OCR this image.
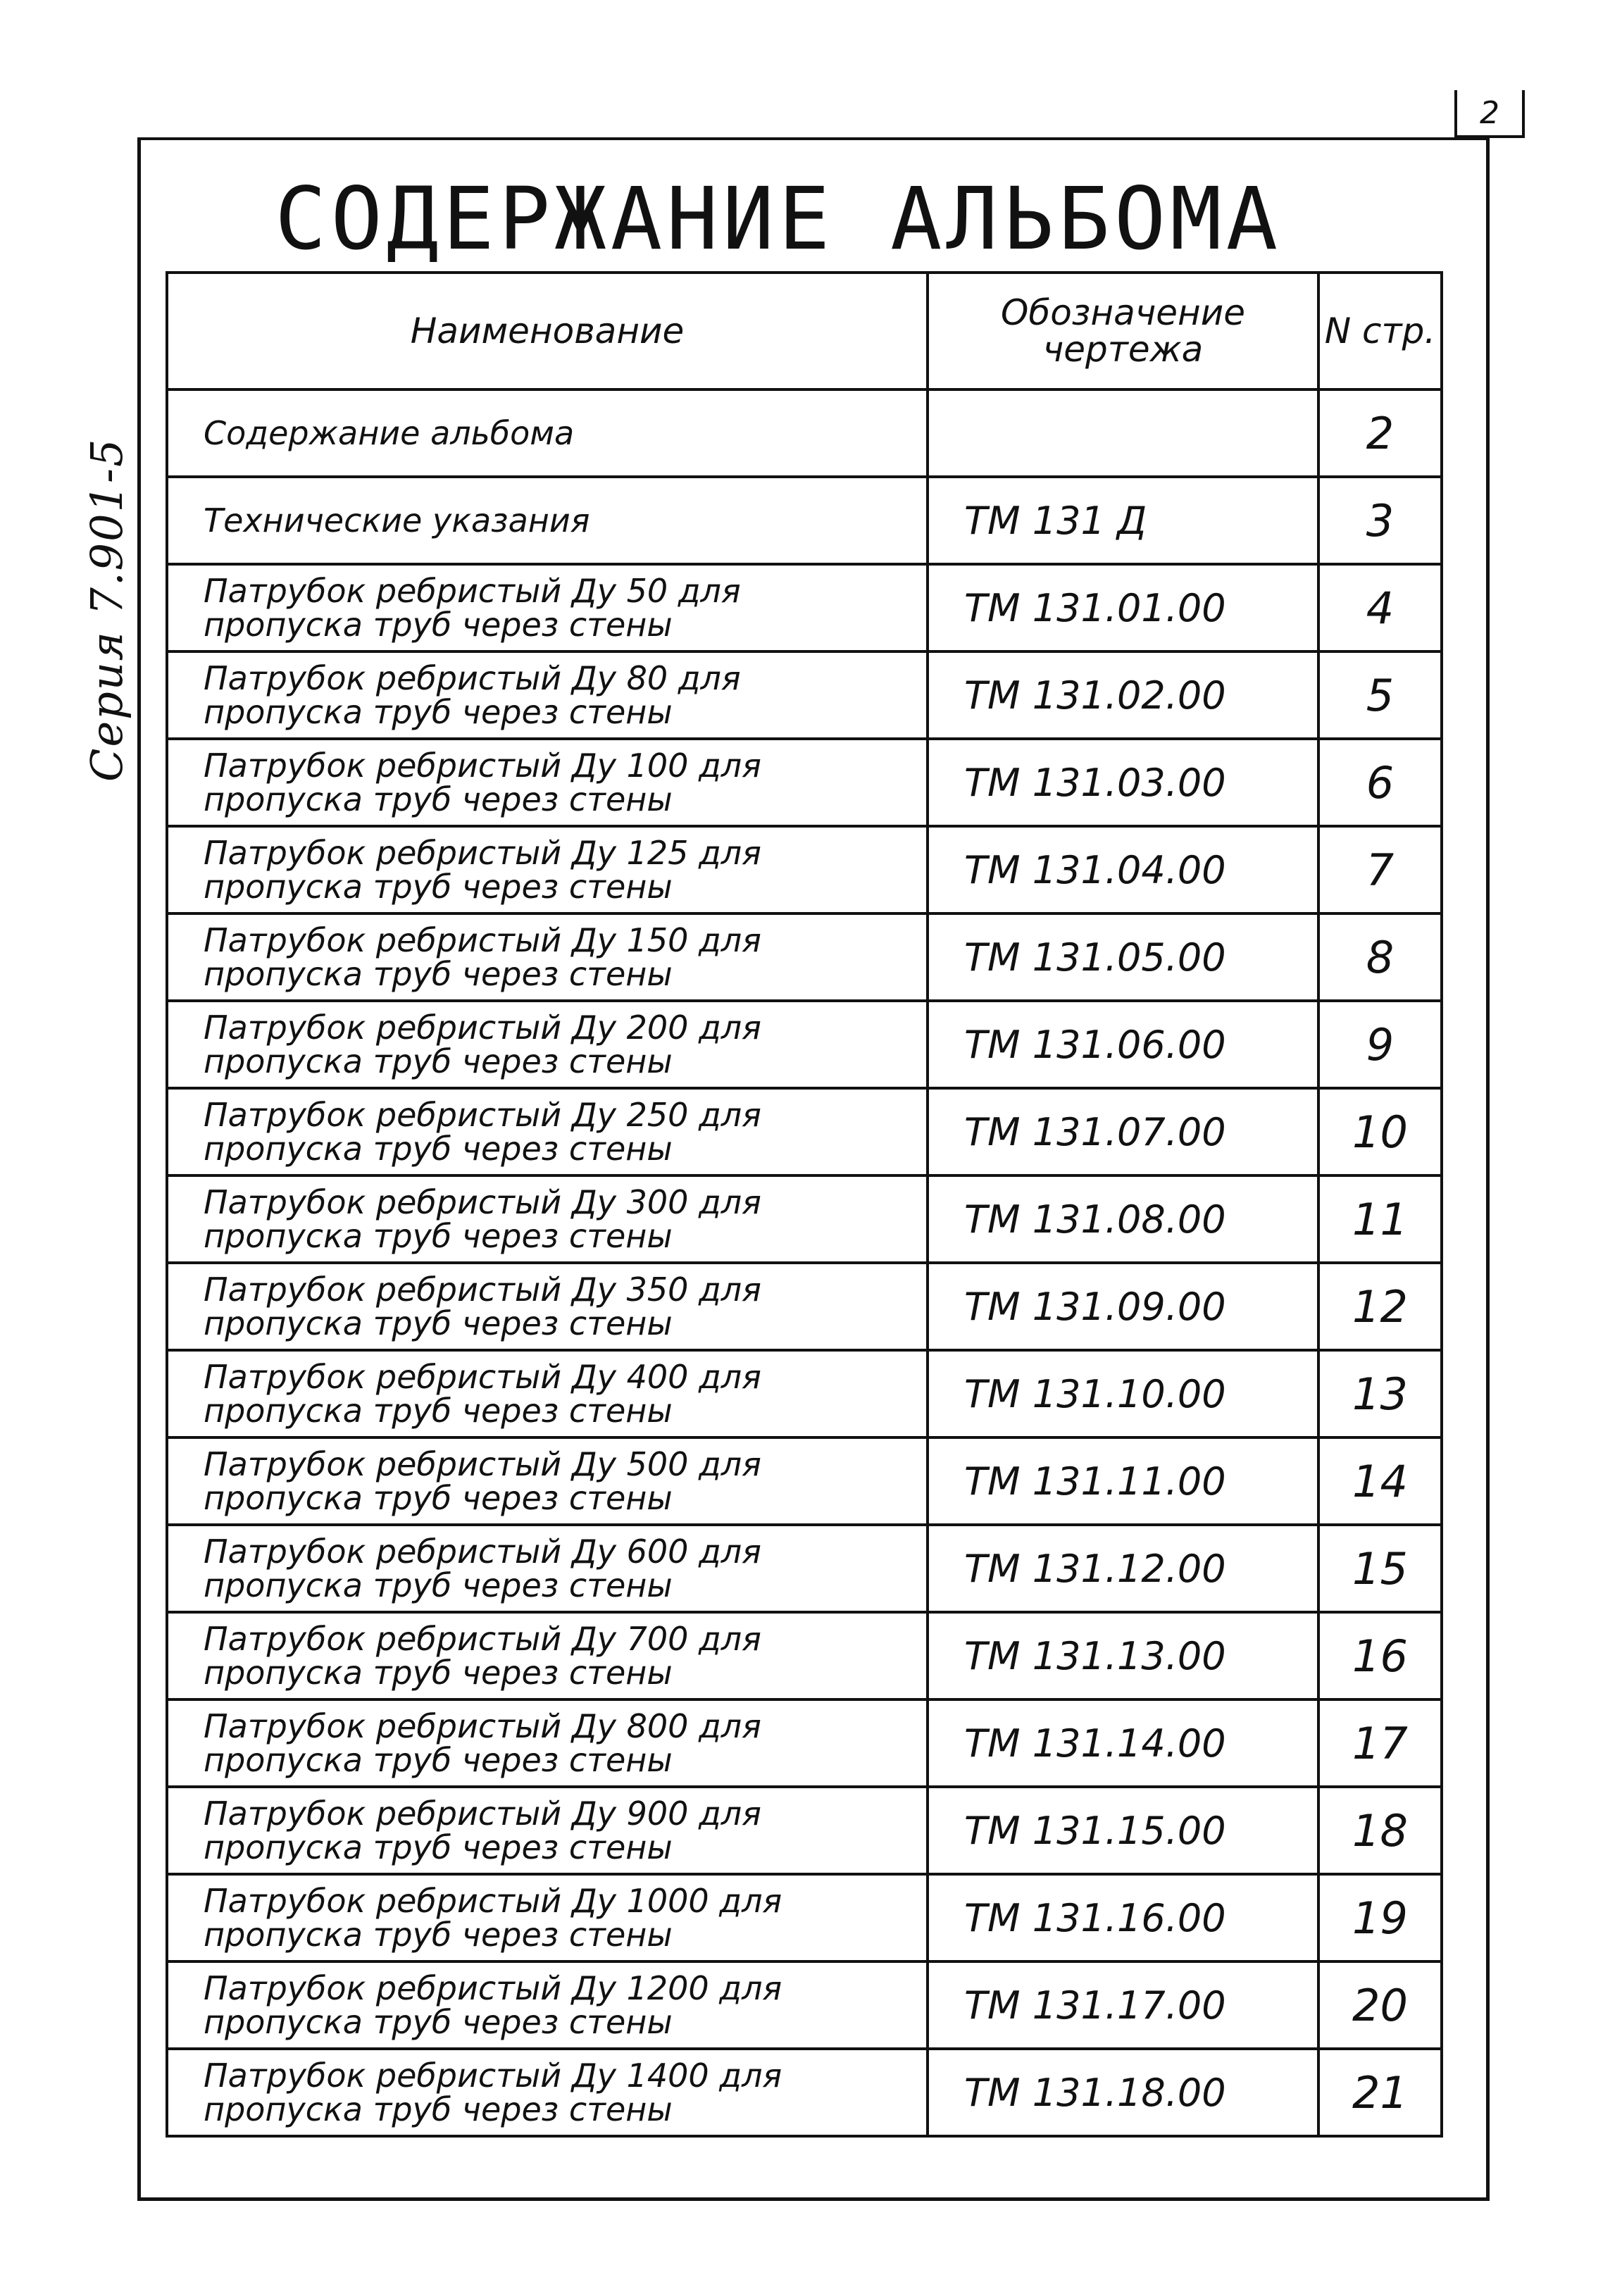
2
Серия 7.901-5
СОДЕРЖАНИЕ АЛЬБОМА
Наименование	Обозначение чертежа	N стр.

Содержание альбома		2

Технические указания	ТМ 131 Д	3

Патрубок ребристый Ду 50 для
пропуска труб через стены	ТМ 131.01.00	4

Патрубок ребристый Ду 80 для
пропуска труб через стены	ТМ 131.02.00	5

Патрубок ребристый Ду 100 для
пропуска труб через стены	ТМ 131.03.00	6

Патрубок ребристый Ду 125 для
пропуска труб через стены	ТМ 131.04.00	7

Патрубок ребристый Ду 150 для
пропуска труб через стены	ТМ 131.05.00	8

Патрубок ребристый Ду 200 для
пропуска труб через стены	ТМ 131.06.00	9

Патрубок ребристый Ду 250 для
пропуска труб через стены	ТМ 131.07.00	10

Патрубок ребристый Ду 300 для
пропуска труб через стены	ТМ 131.08.00	11

Патрубок ребристый Ду 350 для
пропуска труб через стены	ТМ 131.09.00	12

Патрубок ребристый Ду 400 для
пропуска труб через стены	ТМ 131.10.00	13

Патрубок ребристый Ду 500 для
пропуска труб через стены	ТМ 131.11.00	14

Патрубок ребристый Ду 600 для
пропуска труб через стены	ТМ 131.12.00	15

Патрубок ребристый Ду 700 для
пропуска труб через стены	ТМ 131.13.00	16

Патрубок ребристый Ду 800 для
пропуска труб через стены	ТМ 131.14.00	17

Патрубок ребристый Ду 900 для
пропуска труб через стены	ТМ 131.15.00	18

Патрубок ребристый Ду 1000 для
пропуска труб через стены	ТМ 131.16.00	19

Патрубок ребристый Ду 1200 для
пропуска труб через стены	ТМ 131.17.00	20

Патрубок ребристый Ду 1400 для
пропуска труб через стены	ТМ 131.18.00	21
